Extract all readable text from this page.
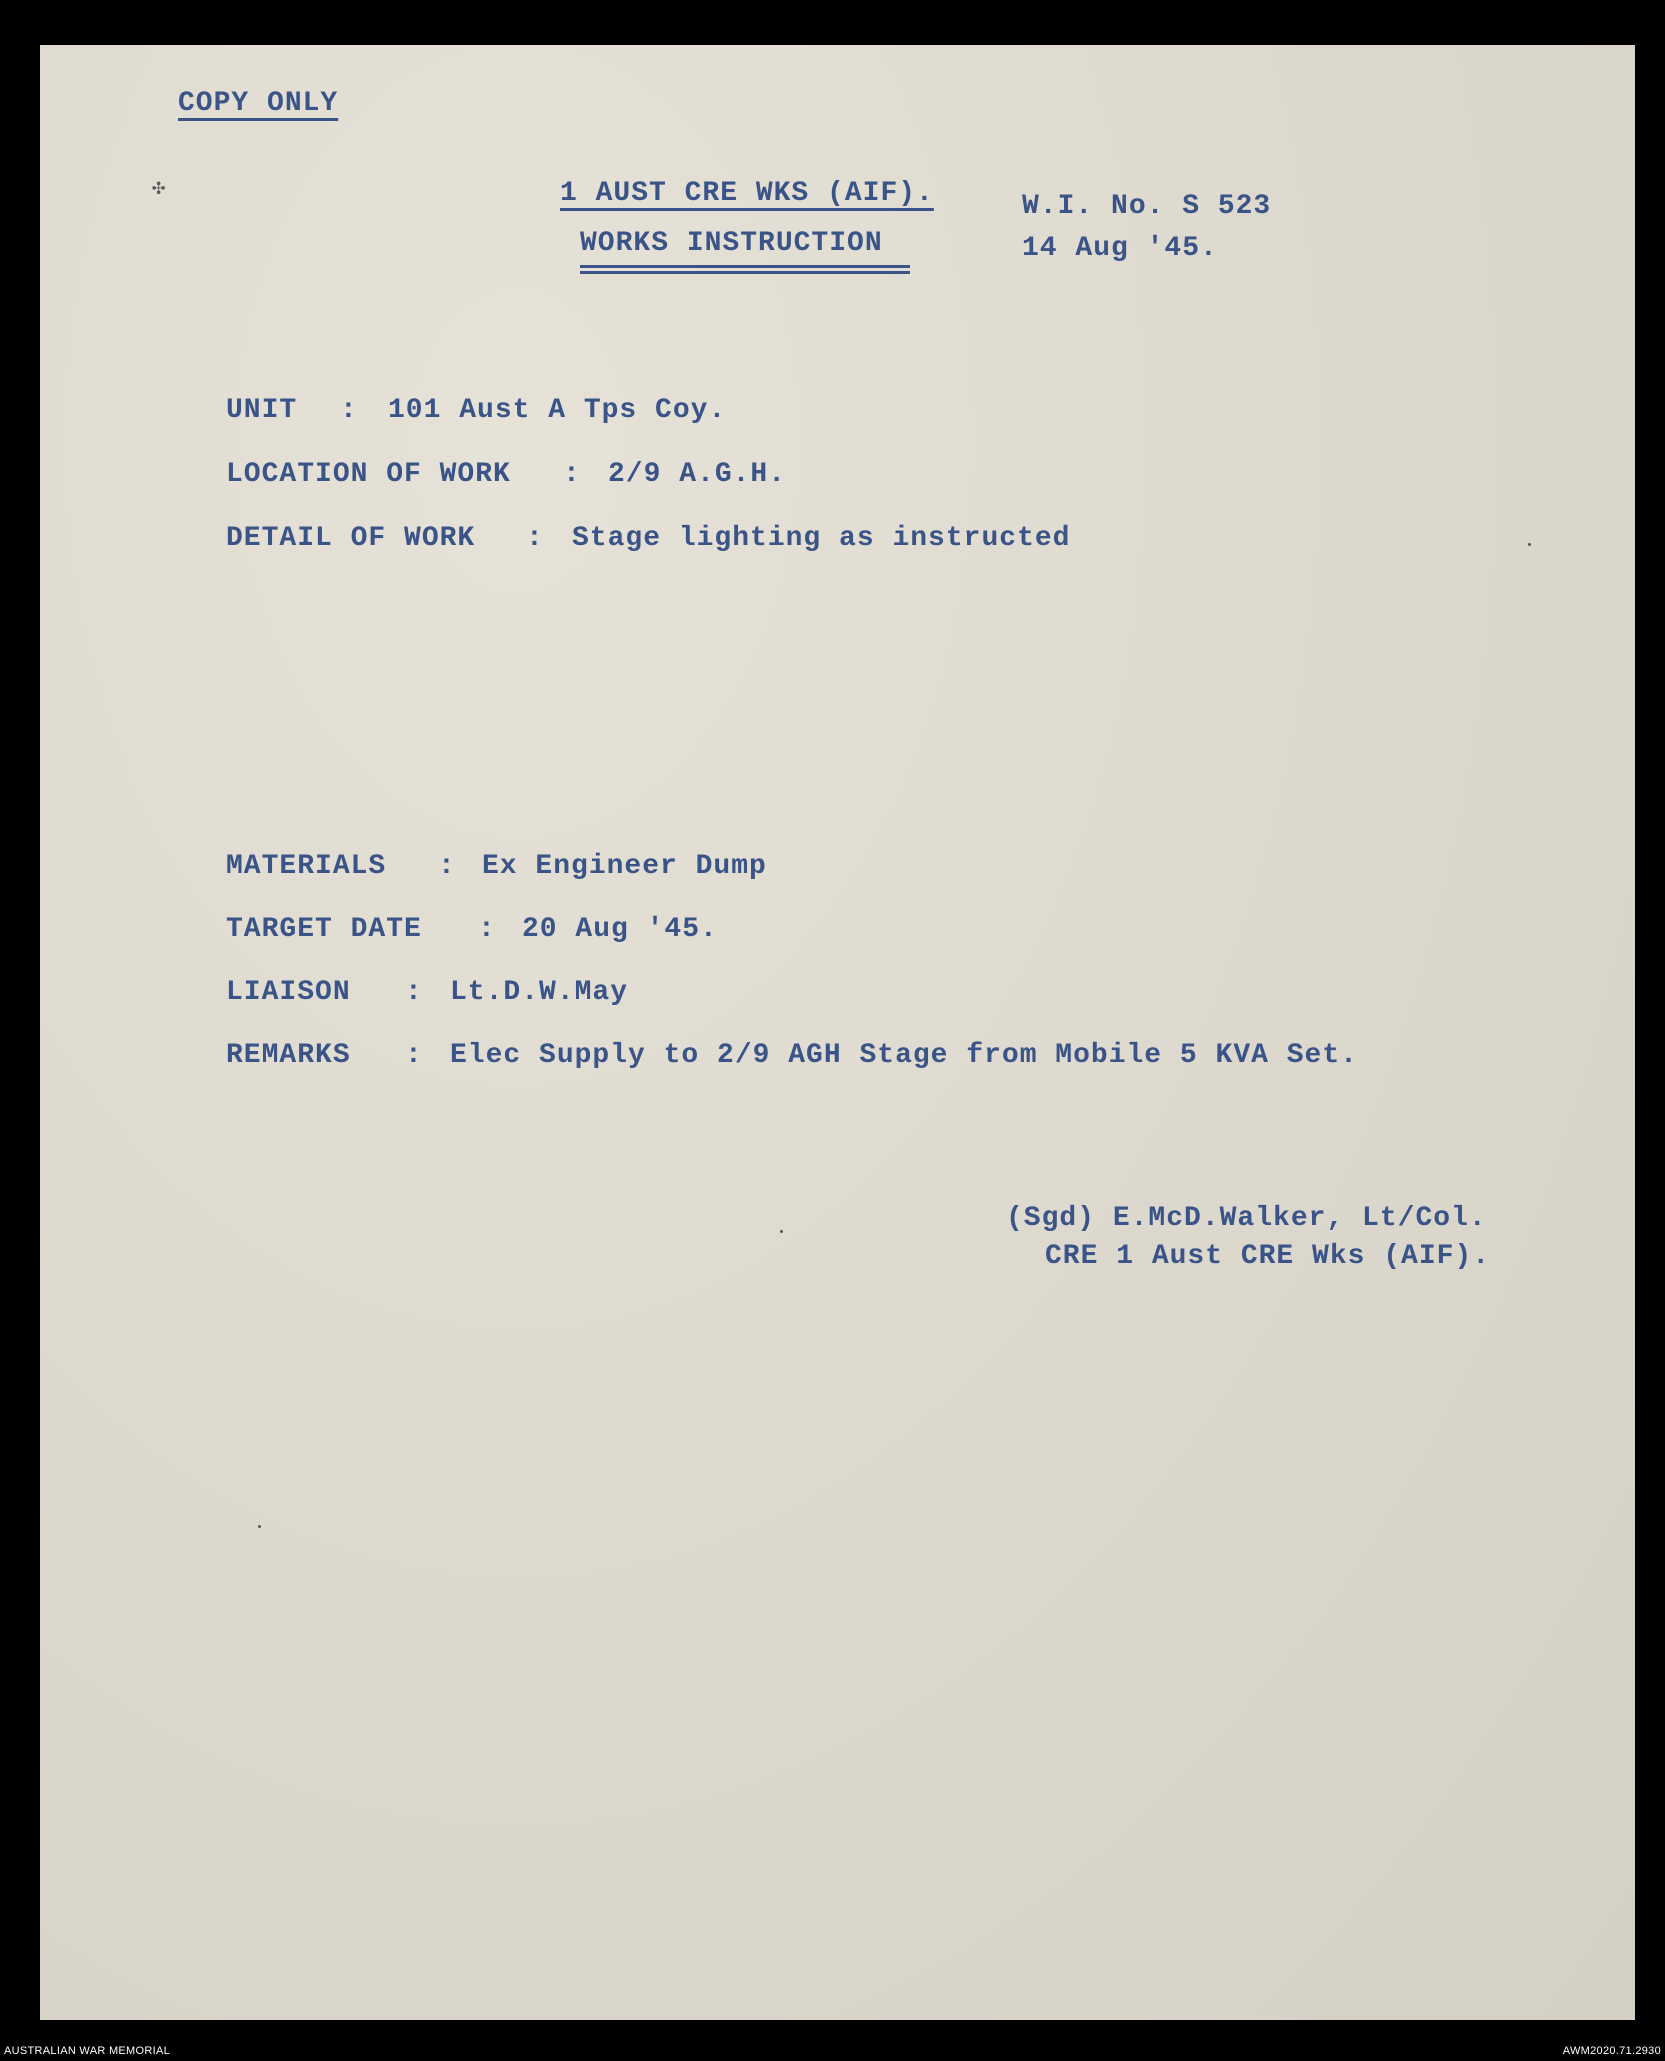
COPY ONLY
✣	1 AUST CRE WKS (AIF).	W.I. No. S 523
WORKS INSTRUCTION	14 Aug '45.
UNIT : 101 Aust A Tps Coy.
LOCATION OF WORK : 2/9 A.G.H.
DETAIL OF WORK : Stage lighting as instructed
MATERIALS : Ex Engineer Dump
TARGET DATE : 20 Aug '45.
LIAISON : Lt.D.W.May
REMARKS : Elec Supply to 2/9 AGH Stage from Mobile 5 KVA Set.
(Sgd) E.McD.Walker, Lt/Col.
CRE 1 Aust CRE Wks (AIF).
AUSTRALIAN WAR MEMORIAL	AWM2020.71.2930
